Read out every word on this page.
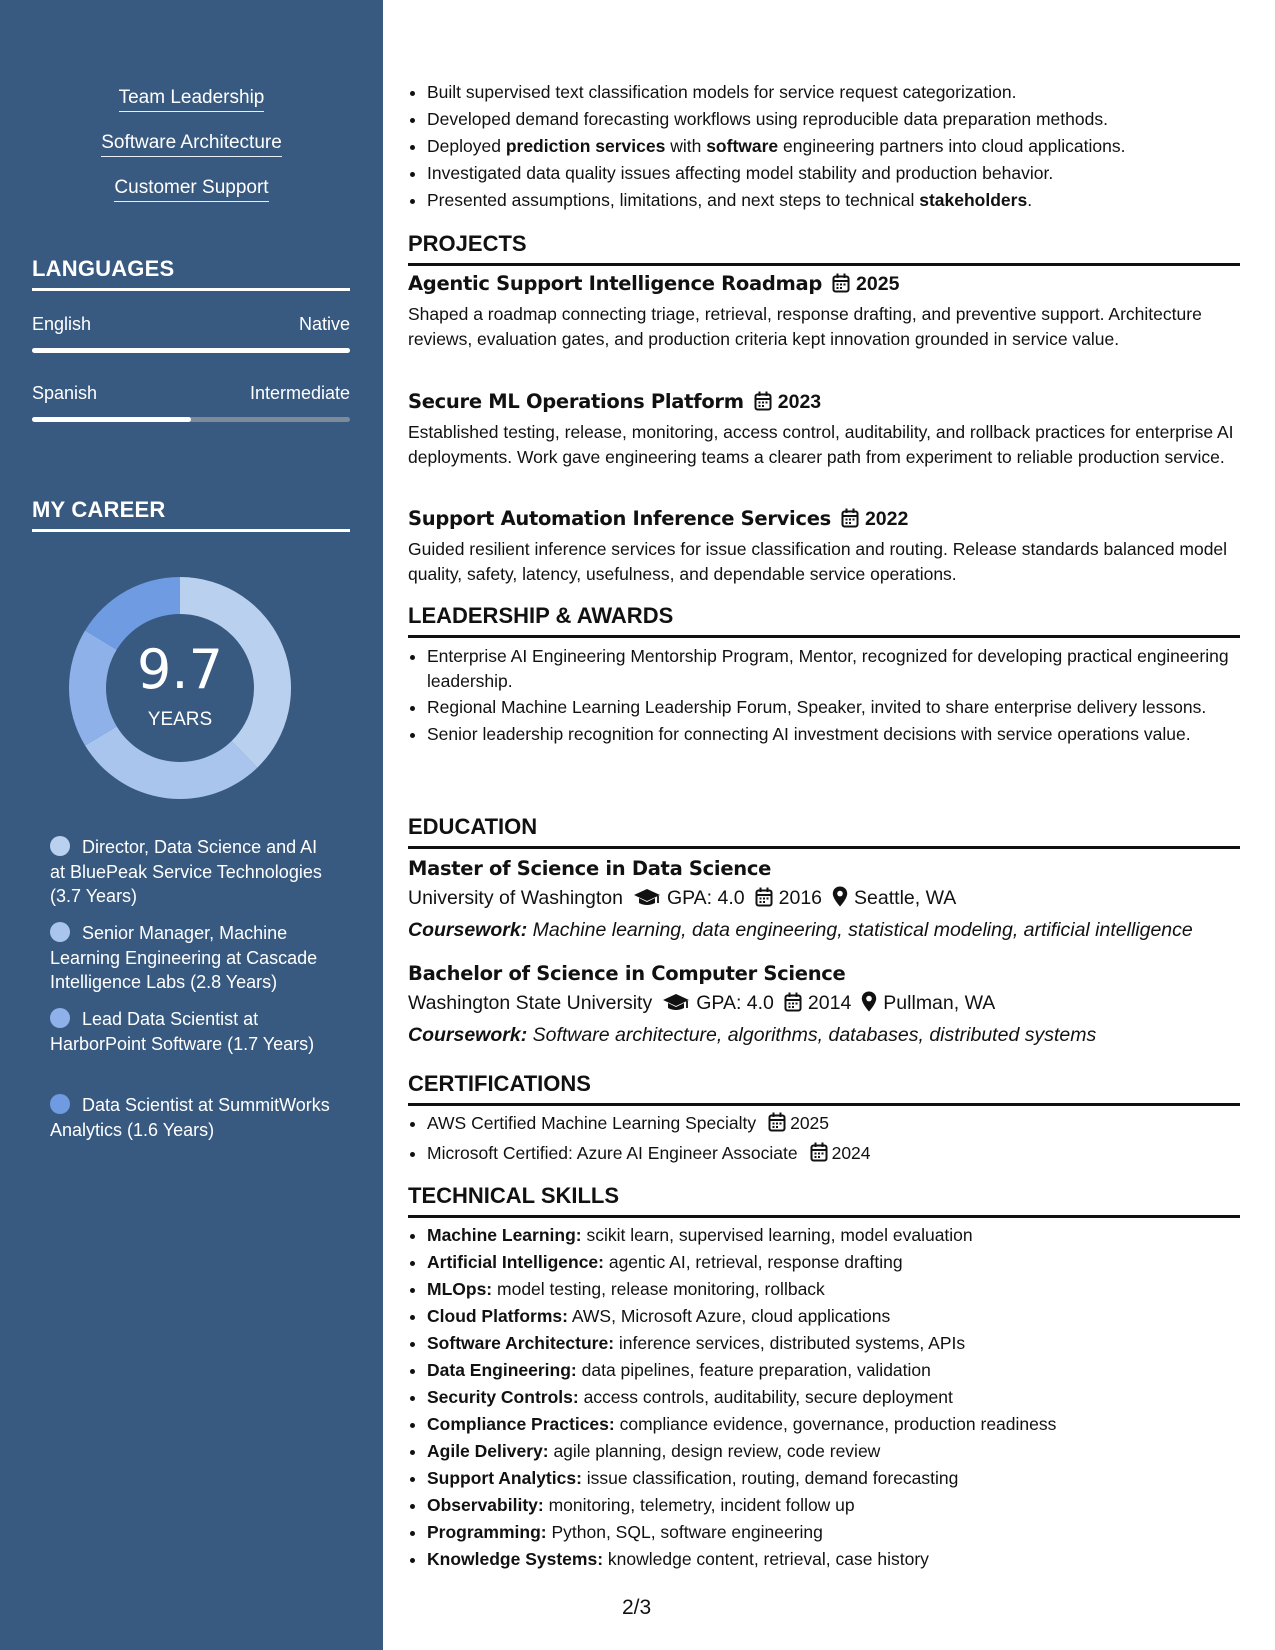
Team Leadership
Software Architecture
Customer Support
LANGUAGES
English	Native
Spanish	Intermediate
MY CAREER
9.7
YEARS
Director, Data Science and AI at BluePeak Service Technologies (3.7 Years)
Senior Manager, Machine Learning Engineering at Cascade Intelligence Labs (2.8 Years)
Lead Data Scientist at HarborPoint Software (1.7 Years)
Data Scientist at SummitWorks Analytics (1.6 Years)
• Built supervised text classification models for service request categorization.
• Developed demand forecasting workflows using reproducible data preparation methods.
• Deployed prediction services with software engineering partners into cloud applications.
• Investigated data quality issues affecting model stability and production behavior.
• Presented assumptions, limitations, and next steps to technical stakeholders.
PROJECTS
Agentic Support Intelligence Roadmap 2025
Shaped a roadmap connecting triage, retrieval, response drafting, and preventive support. Architecture reviews, evaluation gates, and production criteria kept innovation grounded in service value.
Secure ML Operations Platform 2023
Established testing, release, monitoring, access control, auditability, and rollback practices for enterprise AI deployments. Work gave engineering teams a clearer path from experiment to reliable production service.
Support Automation Inference Services 2022
Guided resilient inference services for issue classification and routing. Release standards balanced model quality, safety, latency, usefulness, and dependable service operations.
LEADERSHIP & AWARDS
• Enterprise AI Engineering Mentorship Program, Mentor, recognized for developing practical engineering leadership.
• Regional Machine Learning Leadership Forum, Speaker, invited to share enterprise delivery lessons.
• Senior leadership recognition for connecting AI investment decisions with service operations value.
EDUCATION
Master of Science in Data Science
University of Washington GPA: 4.0 2016 Seattle, WA
Coursework: Machine learning, data engineering, statistical modeling, artificial intelligence
Bachelor of Science in Computer Science
Washington State University GPA: 4.0 2014 Pullman, WA
Coursework: Software architecture, algorithms, databases, distributed systems
CERTIFICATIONS
• AWS Certified Machine Learning Specialty 2025
• Microsoft Certified: Azure AI Engineer Associate 2024
TECHNICAL SKILLS
• Machine Learning: scikit learn, supervised learning, model evaluation
• Artificial Intelligence: agentic AI, retrieval, response drafting
• MLOps: model testing, release monitoring, rollback
• Cloud Platforms: AWS, Microsoft Azure, cloud applications
• Software Architecture: inference services, distributed systems, APIs
• Data Engineering: data pipelines, feature preparation, validation
• Security Controls: access controls, auditability, secure deployment
• Compliance Practices: compliance evidence, governance, production readiness
• Agile Delivery: agile planning, design review, code review
• Support Analytics: issue classification, routing, demand forecasting
• Observability: monitoring, telemetry, incident follow up
• Programming: Python, SQL, software engineering
• Knowledge Systems: knowledge content, retrieval, case history
2/3
